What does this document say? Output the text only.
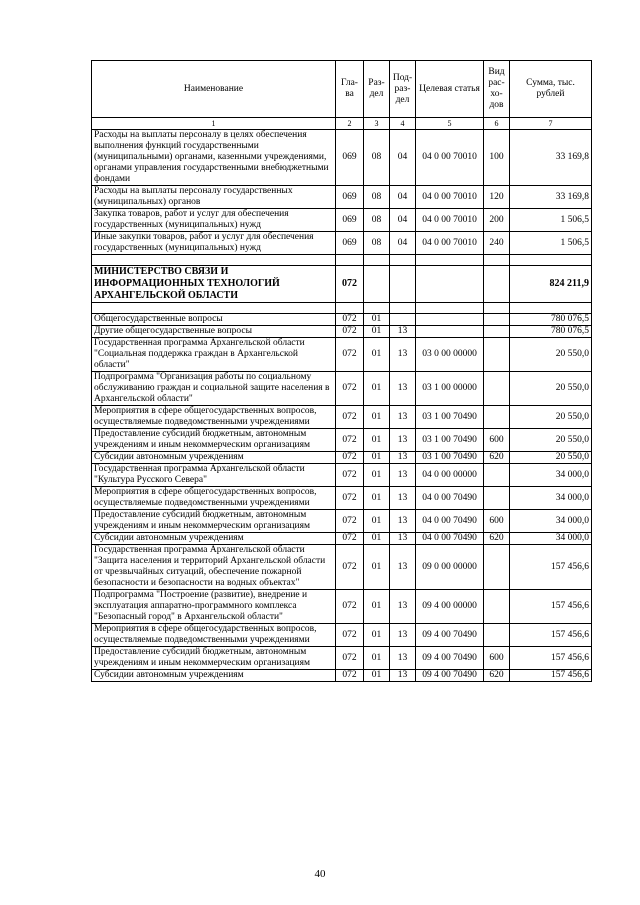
Наименование	Гла-ва	Раз-дел	Под-раз-дел	Целевая статья	Вид рас-хо-дов	Сумма, тыс. рублей
1	2	3	4	5	6	7
Расходы на выплаты персоналу в целях обеспечения выполнения функций государственными (муниципальными) органами, казенными учреждениями, органами управления государственными внебюджетными фондами	069	08	04	04 0 00 70010	100	33 169,8
Расходы на выплаты персоналу государственных (муниципальных) органов	069	08	04	04 0 00 70010	120	33 169,8
Закупка товаров, работ и услуг для обеспечения государственных (муниципальных) нужд	069	08	04	04 0 00 70010	200	1 506,5
Иные закупки товаров, работ и услуг для обеспечения государственных (муниципальных) нужд	069	08	04	04 0 00 70010	240	1 506,5

МИНИСТЕРСТВО СВЯЗИ И ИНФОРМАЦИОННЫХ ТЕХНОЛОГИЙ АРХАНГЕЛЬСКОЙ ОБЛАСТИ	072					824 211,9

Общегосударственные вопросы	072	01				780 076,5
Другие общегосударственные вопросы	072	01	13			780 076,5
Государственная программа Архангельской области "Социальная поддержка граждан в Архангельской области"	072	01	13	03 0 00 00000		20 550,0
Подпрограмма "Организация работы по социальному обслуживанию граждан и социальной защите населения в Архангельской области"	072	01	13	03 1 00 00000		20 550,0
Мероприятия в сфере общегосударственных вопросов, осуществляемые подведомственными учреждениями	072	01	13	03 1 00 70490		20 550,0
Предоставление субсидий бюджетным, автономным учреждениям и иным некоммерческим организациям	072	01	13	03 1 00 70490	600	20 550,0
Субсидии автономным учреждениям	072	01	13	03 1 00 70490	620	20 550,0
Государственная программа Архангельской области "Культура Русского Севера"	072	01	13	04 0 00 00000		34 000,0
Мероприятия в сфере общегосударственных вопросов, осуществляемые подведомственными учреждениями	072	01	13	04 0 00 70490		34 000,0
Предоставление субсидий бюджетным, автономным учреждениям и иным некоммерческим организациям	072	01	13	04 0 00 70490	600	34 000,0
Субсидии автономным учреждениям	072	01	13	04 0 00 70490	620	34 000,0
Государственная программа Архангельской области "Защита населения и территорий Архангельской области от чрезвычайных ситуаций, обеспечение пожарной безопасности и безопасности на водных объектах"	072	01	13	09 0 00 00000		157 456,6
Подпрограмма "Построение (развитие), внедрение и эксплуатация аппаратно-программного комплекса "Безопасный город" в Архангельской области"	072	01	13	09 4 00 00000		157 456,6
Мероприятия в сфере общегосударственных вопросов, осуществляемые подведомственными учреждениями	072	01	13	09 4 00 70490		157 456,6
Предоставление субсидий бюджетным, автономным учреждениям и иным некоммерческим организациям	072	01	13	09 4 00 70490	600	157 456,6
Субсидии автономным учреждениям	072	01	13	09 4 00 70490	620	157 456,6
40
